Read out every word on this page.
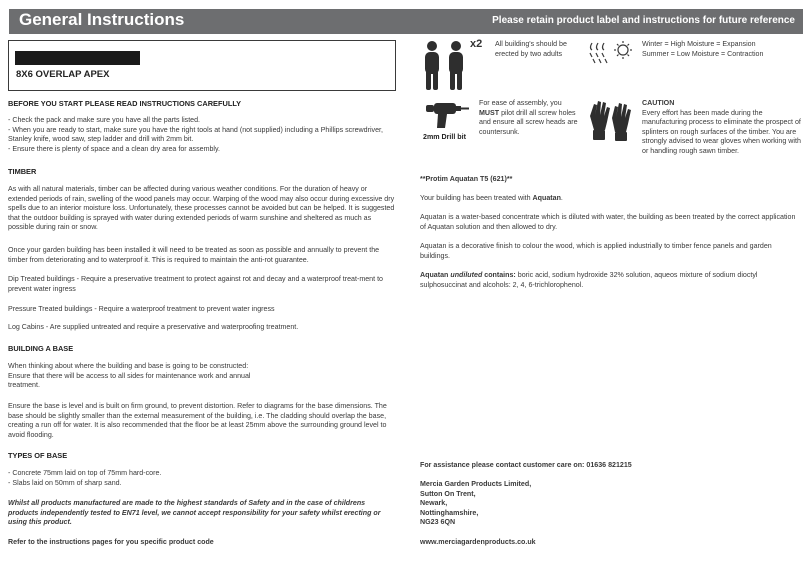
General Instructions	Please retain product label and instructions for future reference
8X6 OVERLAP APEX
x2 All building's should be erected by two adults

Winter = High Moisture = Expansion
Summer = Low Moisture = Contraction

2mm Drill bit

For ease of assembly, you MUST pilot drill all screw holes and ensure all screw heads are countersunk.

CAUTION
Every effort has been made during the manufacturing process to eliminate the prospect of splinters on rough surfaces of the timber. You are strongly advised to wear gloves when working with or handling rough sawn timber.

BEFORE YOU START PLEASE READ INSTRUCTIONS CAREFULLY

- Check the pack and make sure you have all the parts listed.
- When you are ready to start, make sure you have the right tools at hand (not supplied) including a Phillips screwdriver, Stanley knife, wood saw, step ladder and drill with 2mm bit.
- Ensure there is plenty of space and a clean dry area for assembly.

TIMBER

As with all natural materials, timber can be affected during various weather conditions. For the duration of heavy or extended periods of rain, swelling of the wood panels may occur. Warping of the wood may also occur during excessive dry spells due to an interior moisture loss. Unfortunately, these processes cannot be avoided but can be helped. It is suggested that the outdoor building is sprayed with water during extended periods of warm sunshine and sheltered as much as possible during rain or snow.

Once your garden building has been installed it will need to be treated as soon as possible and annually to prevent the timber from deteriorating and to waterproof it. This is required to maintain the anti-rot guarantee.

Dip Treated buildings - Require a preservative treatment to protect against rot and decay and a waterproof treat-ment to prevent water ingress

Pressure Treated buildings - Require a waterproof treatment to prevent water ingress

Log Cabins - Are supplied untreated and require a preservative and waterproofing treatment.

BUILDING A BASE

When thinking about where the building and base is going to be constructed:
Ensure that there will be access to all sides for maintenance work and annual
treatment.

Ensure the base is level and is built on firm ground, to prevent distortion. Refer to diagrams for the base dimensions. The base should be slightly smaller than the external measurement of the building, i.e. The cladding should overlap the base, creating a run off for water. It is also recommended that the floor be at least 25mm above the surrounding ground level to avoid flooding.

TYPES OF BASE

- Concrete 75mm laid on top of 75mm hard-core.
- Slabs laid on 50mm of sharp sand.

Whilst all products manufactured are made to the highest standards of Safety and in the case of childrens products independently tested to EN71 level, we cannot accept responsibility for your safety whilst erecting or using this product.

Refer to the instructions pages for you specific product code

**Protim Aquatan T5 (621)**

Your building has been treated with Aquatan.

Aquatan is a water-based concentrate which is diluted with water, the building as been treated by the correct application of Aquatan solution and then allowed to dry.

Aquatan is a decorative finish to colour the wood, which is applied industrially to timber fence panels and garden buildings.

Aquatan undiluted contains: boric acid, sodium hydroxide 32% solution, aqueos mixture of sodium dioctyl sulphosuccinat and alcohols: 2, 4, 6-trichlorophenol.

For assistance please contact customer care on: 01636 821215

Mercia Garden Products Limited,
Sutton On Trent,
Newark,
Nottinghamshire,
NG23 6QN

www.merciagardenproducts.co.uk
